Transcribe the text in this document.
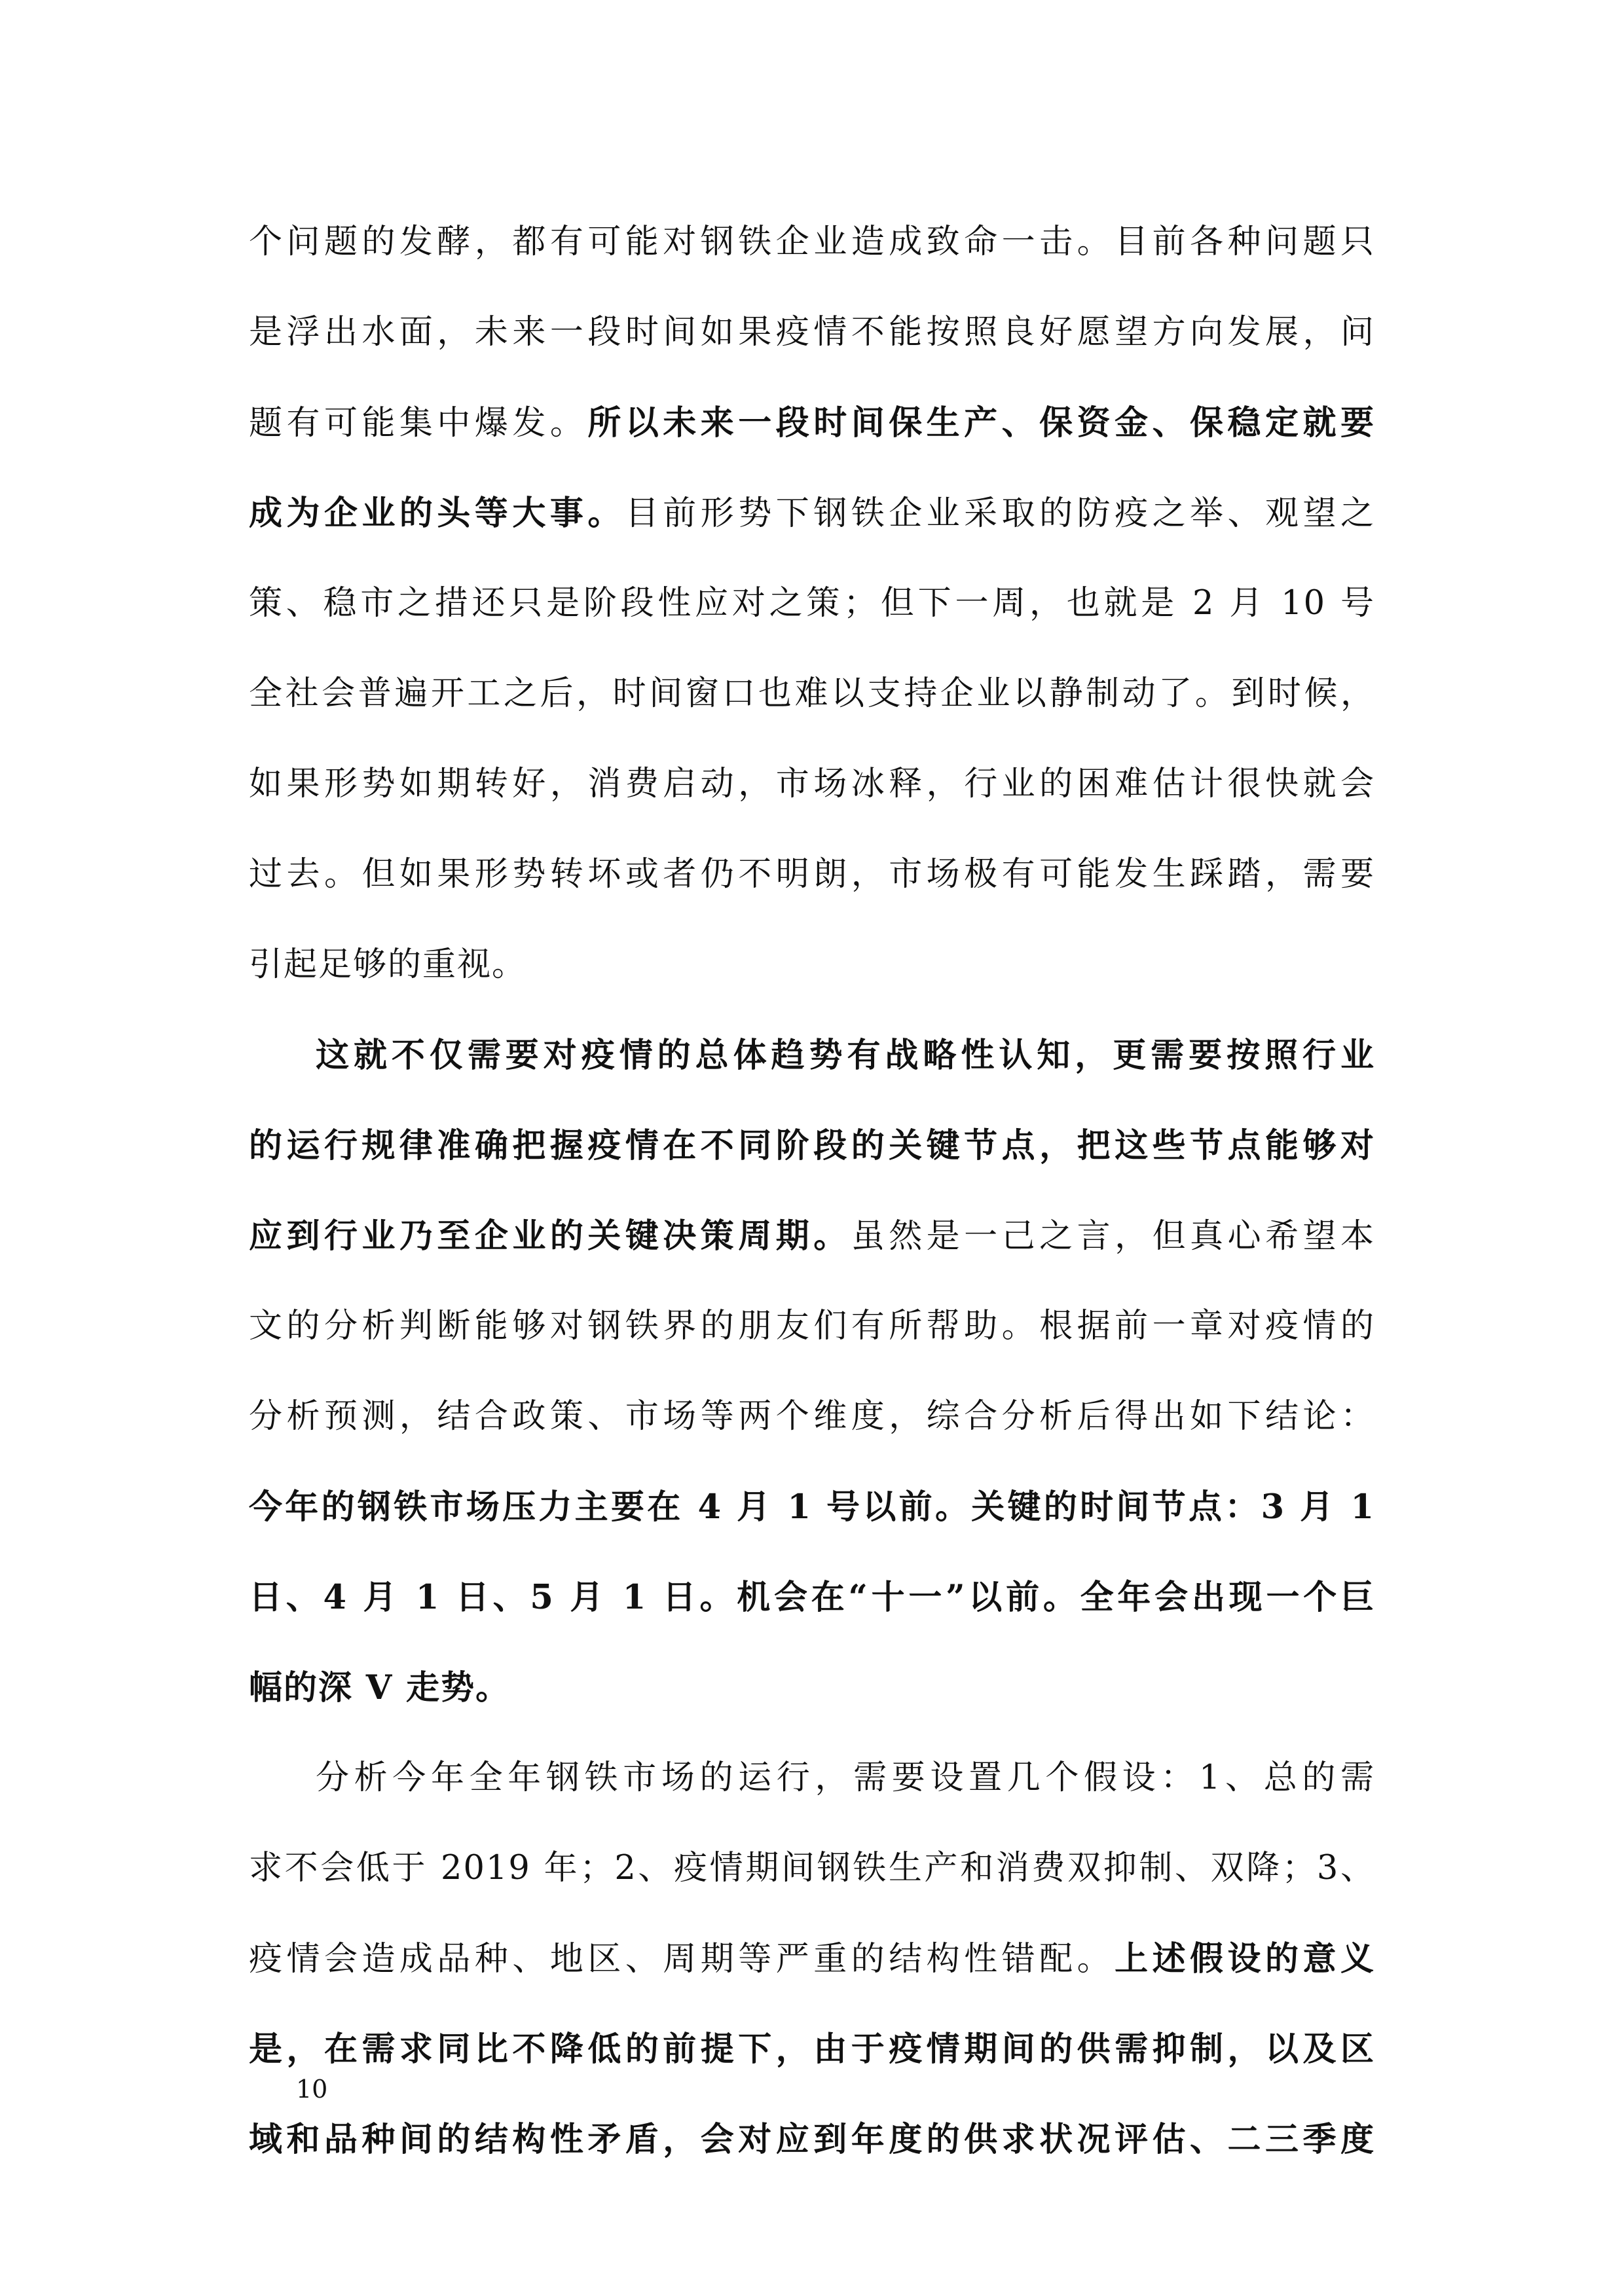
个问题的发酵，都有可能对钢铁企业造成致命一击。目前各种问题只
是浮出水面，未来一段时间如果疫情不能按照良好愿望方向发展，问
题有可能集中爆发。所以未来一段时间保生产、保资金、保稳定就要
成为企业的头等大事。目前形势下钢铁企业采取的防疫之举、观望之
策、稳市之措还只是阶段性应对之策；但下一周，也就是 2 月 10 号
全社会普遍开工之后，时间窗口也难以支持企业以静制动了。到时候，
如果形势如期转好，消费启动，市场冰释，行业的困难估计很快就会
过去。但如果形势转坏或者仍不明朗，市场极有可能发生踩踏，需要
引起足够的重视。
这就不仅需要对疫情的总体趋势有战略性认知，更需要按照行业
的运行规律准确把握疫情在不同阶段的关键节点，把这些节点能够对
应到行业乃至企业的关键决策周期。虽然是一己之言，但真心希望本
文的分析判断能够对钢铁界的朋友们有所帮助。根据前一章对疫情的
分析预测，结合政策、市场等两个维度，综合分析后得出如下结论：
今年的钢铁市场压力主要在 4 月 1 号以前。关键的时间节点：3 月 1
日、4 月 1 日、5 月 1 日。机会在“十一”以前。全年会出现一个巨
幅的深 V 走势。
分析今年全年钢铁市场的运行，需要设置几个假设：1、总的需
求不会低于 2019 年；2、疫情期间钢铁生产和消费双抑制、双降；3、
疫情会造成品种、地区、周期等严重的结构性错配。上述假设的意义
是，在需求同比不降低的前提下，由于疫情期间的供需抑制，以及区
域和品种间的结构性矛盾，会对应到年度的供求状况评估、二三季度
10
